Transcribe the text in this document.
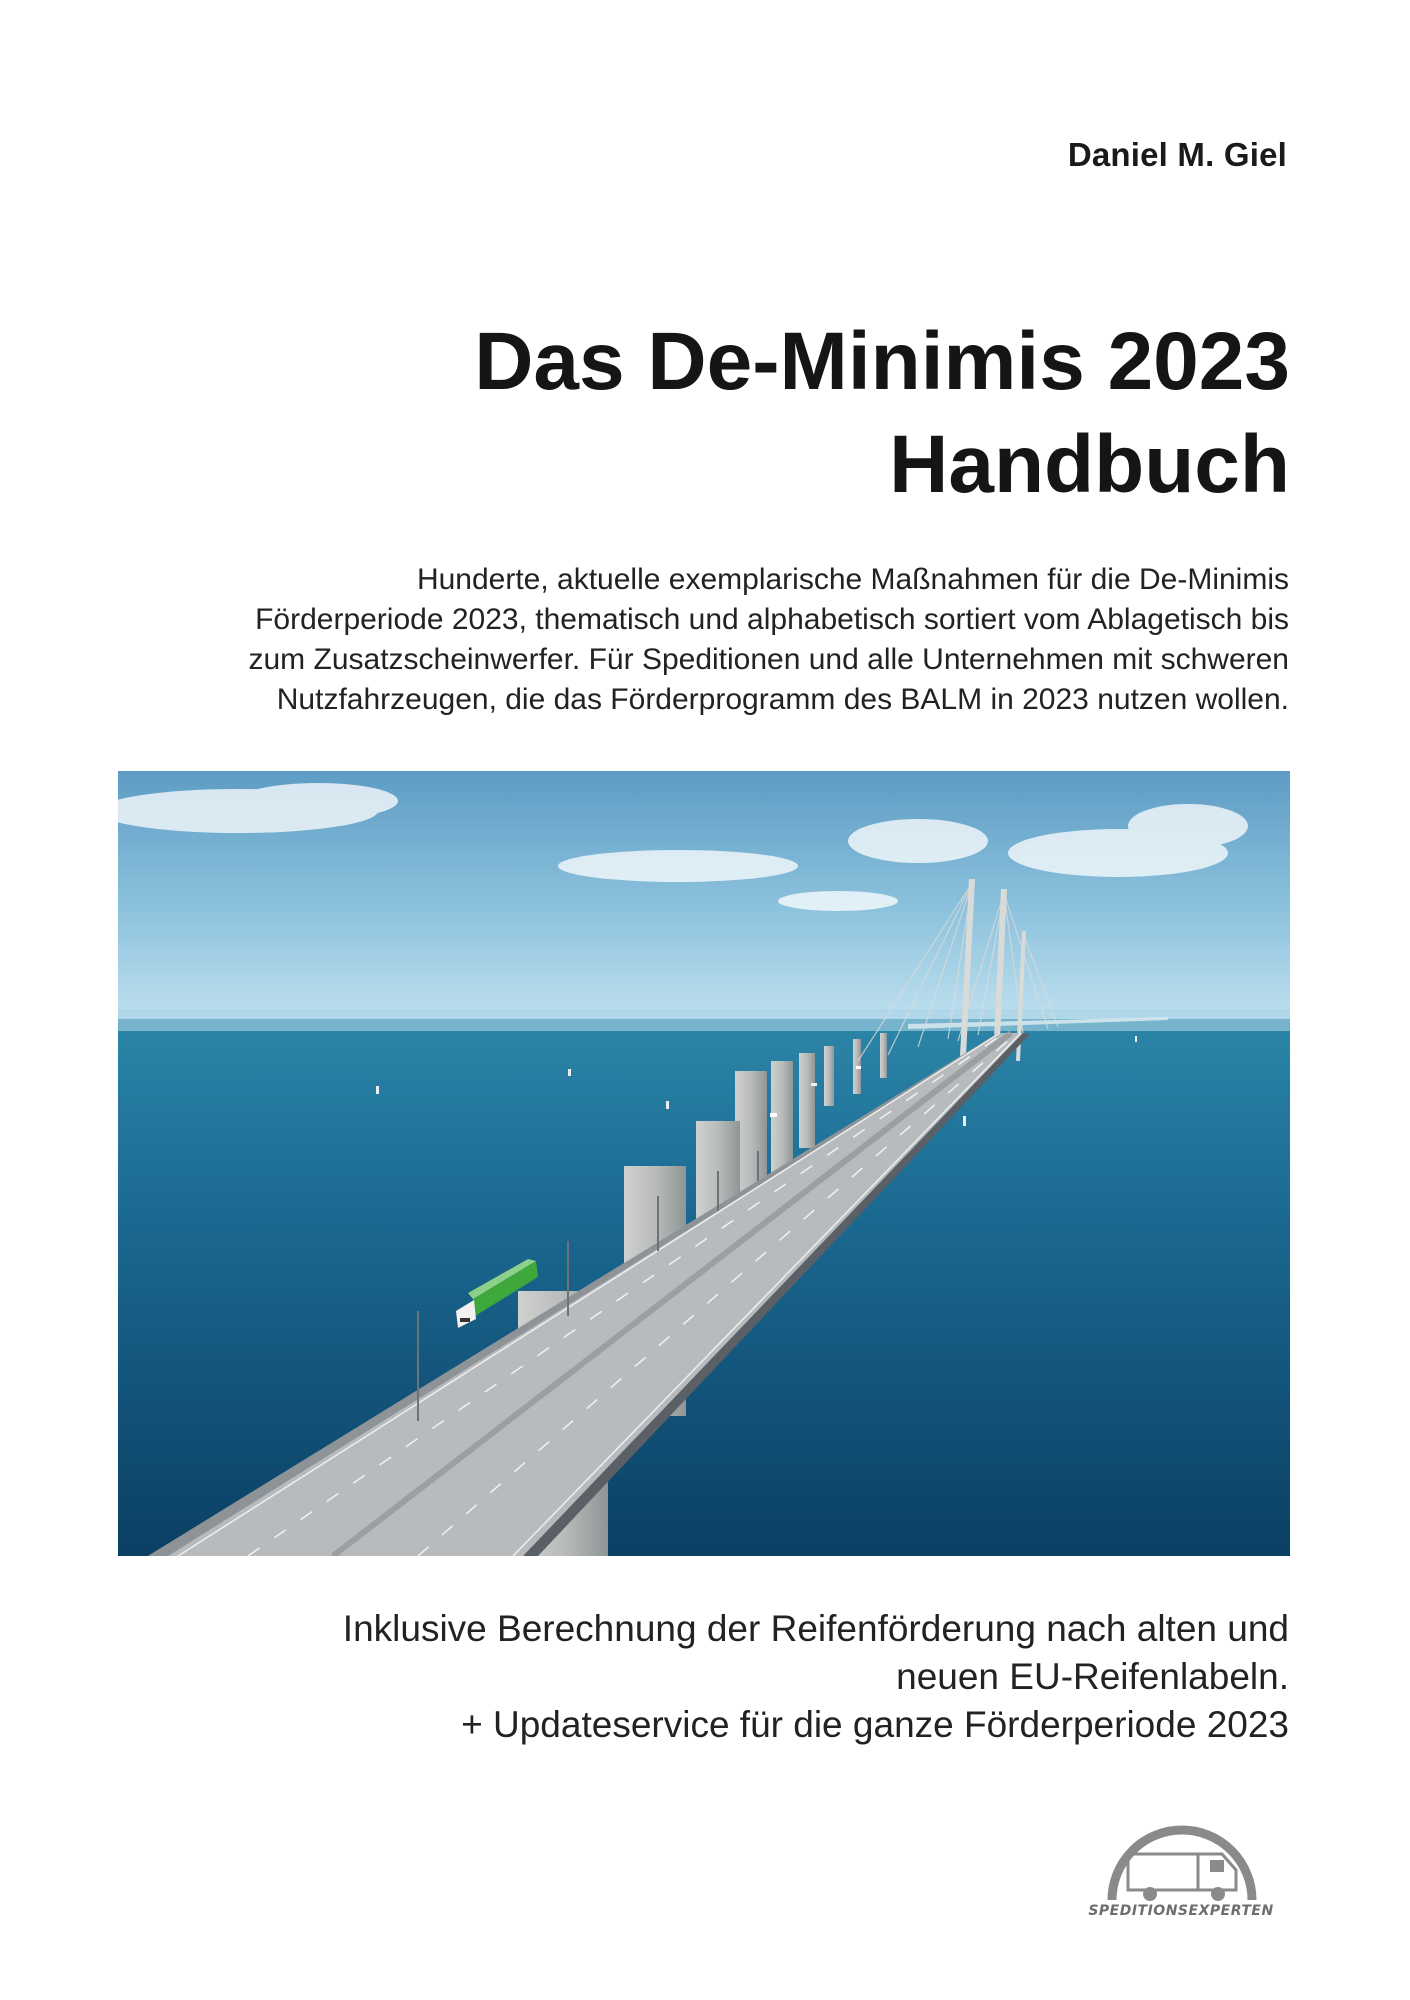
Daniel M. Giel

Das De-Minimis 2023
Handbuch

Hunderte, aktuelle exemplarische Maßnahmen für die De-Minimis
Förderperiode 2023, thematisch und alphabetisch sortiert vom Ablagetisch bis
zum Zusatzscheinwerfer. Für Speditionen und alle Unternehmen mit schweren
Nutzfahrzeugen, die das Förderprogramm des BALM in 2023 nutzen wollen.

Inklusive Berechnung der Reifenförderung nach alten und
neuen EU-Reifenlabeln.
+ Updateservice für die ganze Förderperiode 2023

SPEDITIONSEXPERTEN
